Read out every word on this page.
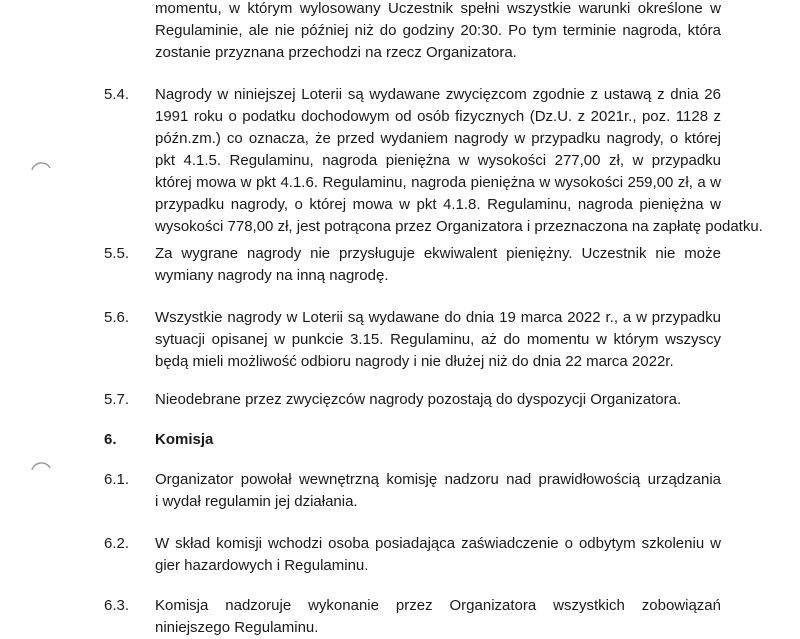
momentu, w którym wylosowany Uczestnik spełni wszystkie warunki określone w
Regulaminie, ale nie później niż do godziny 20:30. Po tym terminie nagroda, która
zostanie przyznana przechodzi na rzecz Organizatora.
5.4. Nagrody w niniejszej Loterii są wydawane zwycięzcom zgodnie z ustawą z dnia 26
1991 roku o podatku dochodowym od osób fizycznych (Dz.U. z 2021r., poz. 1128 z
późn.zm.) co oznacza, że przed wydaniem nagrody w przypadku nagrody, o której
pkt 4.1.5. Regulaminu, nagroda pieniężna w wysokości 277,00 zł, w przypadku
której mowa w pkt 4.1.6. Regulaminu, nagroda pieniężna w wysokości 259,00 zł, a w
przypadku nagrody, o której mowa w pkt 4.1.8. Regulaminu, nagroda pieniężna w
wysokości 778,00 zł, jest potrącona przez Organizatora i przeznaczona na zapłatę podatku.
5.5. Za wygrane nagrody nie przysługuje ekwiwalent pieniężny. Uczestnik nie może
wymiany nagrody na inną nagrodę.
5.6. Wszystkie nagrody w Loterii są wydawane do dnia 19 marca 2022 r., a w przypadku
sytuacji opisanej w punkcie 3.15. Regulaminu, aż do momentu w którym wszyscy
będą mieli możliwość odbioru nagrody i nie dłużej niż do dnia 22 marca 2022r.
5.7. Nieodebrane przez zwycięzców nagrody pozostają do dyspozycji Organizatora.
6.	Komisja
6.1. Organizator powołał wewnętrzną komisję nadzoru nad prawidłowością urządzania
i wydał regulamin jej działania.
6.2. W skład komisji wchodzi osoba posiadająca zaświadczenie o odbytym szkoleniu w
gier hazardowych i Regulaminu.
6.3. Komisja nadzoruje wykonanie przez Organizatora wszystkich zobowiązań
niniejszego Regulaminu.
